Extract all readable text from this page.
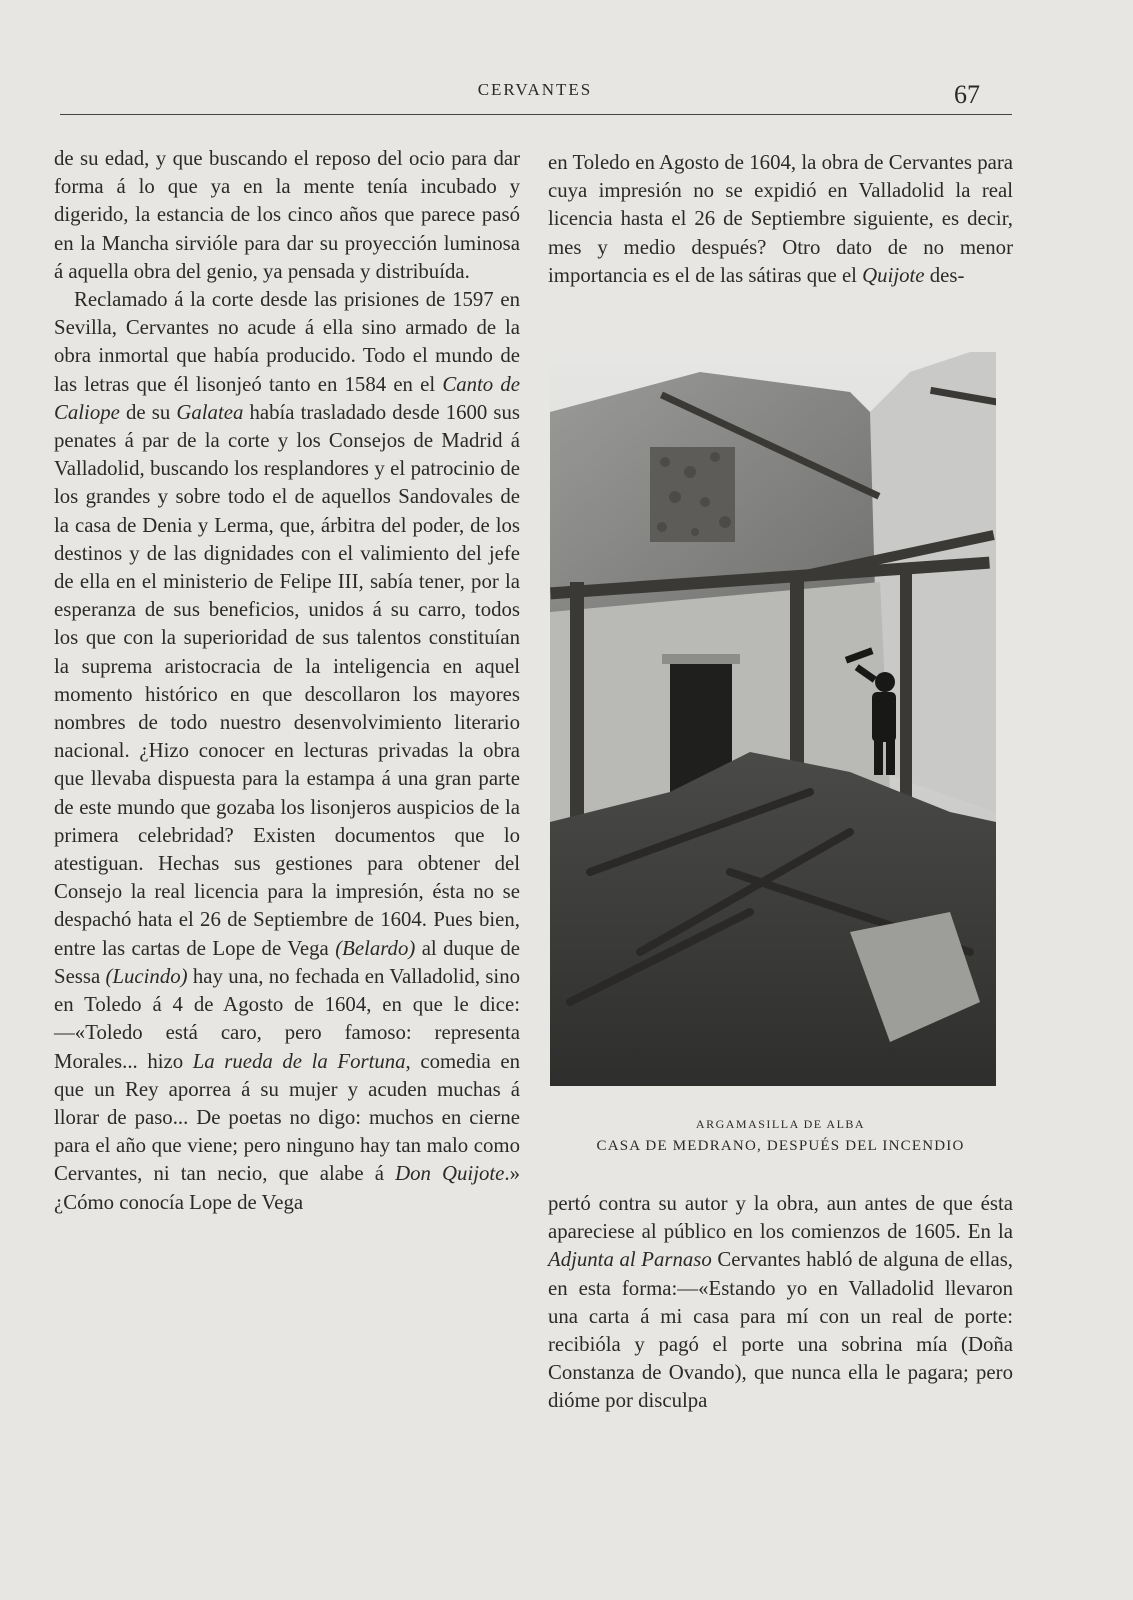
CERVANTES	67

de su edad, y que buscando el reposo del ocio para dar forma á lo que ya en la mente tenía incubado y digerido, la estancia de los cinco años que parece pasó en la Mancha sirvióle para dar su proyección luminosa á aquella obra del genio, ya pensada y distribuída.

Reclamado á la corte desde las prisiones de 1597 en Sevilla, Cervantes no acude á ella sino armado de la obra inmortal que había producido. Todo el mundo de las letras que él lisonjeó tanto en 1584 en el Canto de Caliope de su Galatea había trasladado desde 1600 sus penates á par de la corte y los Consejos de Madrid á Valladolid, buscando los resplandores y el patrocinio de los grandes y sobre todo el de aquellos Sandovales de la casa de Denia y Lerma, que, árbitra del poder, de los destinos y de las dignidades con el valimiento del jefe de ella en el ministerio de Felipe III, sabía tener, por la esperanza de sus beneficios, unidos á su carro, todos los que con la superioridad de sus talentos constituían la suprema aristocracia de la inteligencia en aquel momento histórico en que descollaron los mayores nombres de todo nuestro desenvolvimiento literario nacional. ¿Hizo conocer en lecturas privadas la obra que llevaba dispuesta para la estampa á una gran parte de este mundo que gozaba los lisonjeros auspicios de la primera celebridad? Existen documentos que lo atestiguan. Hechas sus gestiones para obtener del Consejo la real licencia para la impresión, ésta no se despachó hata el 26 de Septiembre de 1604. Pues bien, entre las cartas de Lope de Vega (Belardo) al duque de Sessa (Lucindo) hay una, no fechada en Valladolid, sino en Toledo á 4 de Agosto de 1604, en que le dice:—«Toledo está caro, pero famoso: representa Morales... hizo La rueda de la Fortuna, comedia en que un Rey aporrea á su mujer y acuden muchas á llorar de paso... De poetas no digo: muchos en cierne para el año que viene; pero ninguno hay tan malo como Cervantes, ni tan necio, que alabe á Don Quijote.» ¿Cómo conocía Lope de Vega

en Toledo en Agosto de 1604, la obra de Cervantes para cuya impresión no se expidió en Valladolid la real licencia hasta el 26 de Septiembre siguiente, es decir, mes y medio después? Otro dato de no menor importancia es el de las sátiras que el Quijote des-

ARGAMASILLA DE ALBA
CASA DE MEDRANO, DESPUÉS DEL INCENDIO

pertó contra su autor y la obra, aun antes de que ésta apareciese al público en los comienzos de 1605. En la Adjunta al Parnaso Cervantes habló de alguna de ellas, en esta forma:—«Estando yo en Valladolid llevaron una carta á mi casa para mí con un real de porte: recibióla y pagó el porte una sobrina mía (Doña Constanza de Ovando), que nunca ella le pagara; pero dióme por disculpa
